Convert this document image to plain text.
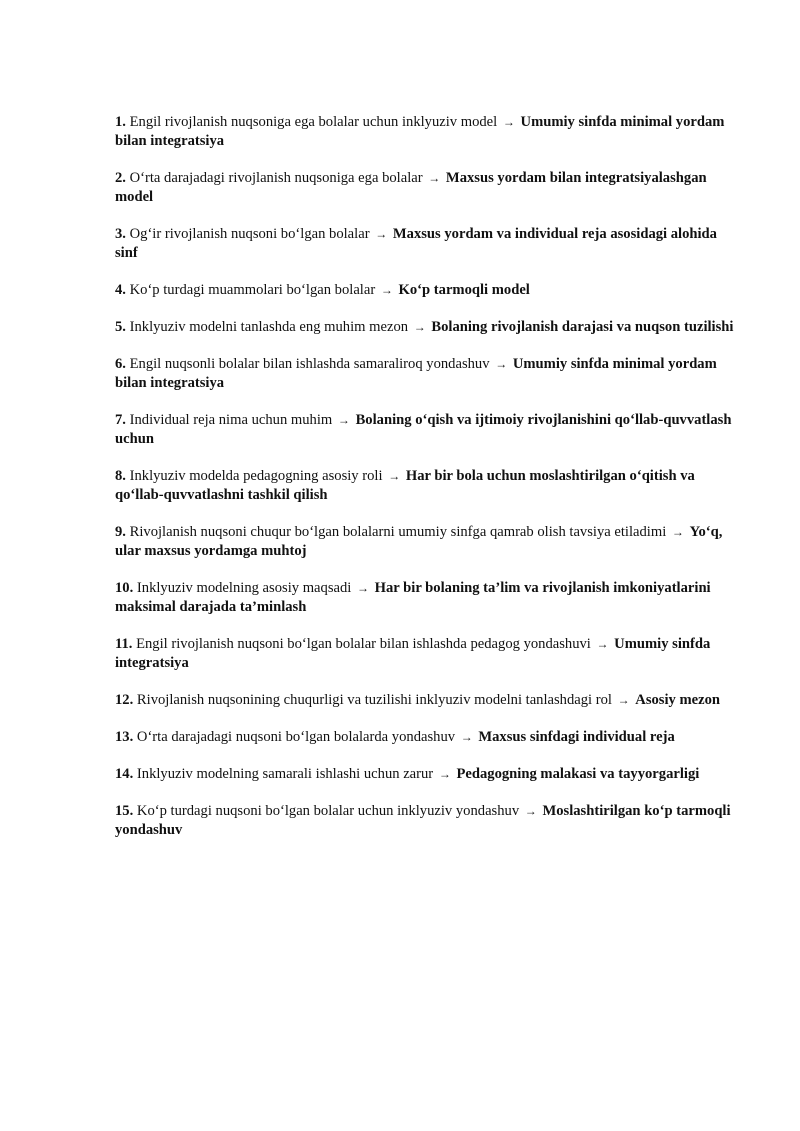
1. Engil rivojlanish nuqsoniga ega bolalar uchun inklyuziv model → Umumiy sinfda minimal yordam bilan integratsiya

2. O‘rta darajadagi rivojlanish nuqsoniga ega bolalar → Maxsus yordam bilan integratsiyalashgan model

3. Og‘ir rivojlanish nuqsoni bo‘lgan bolalar → Maxsus yordam va individual reja asosidagi alohida sinf

4. Ko‘p turdagi muammolari bo‘lgan bolalar → Ko‘p tarmoqli model

5. Inklyuziv modelni tanlashda eng muhim mezon → Bolaning rivojlanish darajasi va nuqson tuzilishi

6. Engil nuqsonli bolalar bilan ishlashda samaraliroq yondashuv → Umumiy sinfda minimal yordam bilan integratsiya

7. Individual reja nima uchun muhim → Bolaning o‘qish va ijtimoiy rivojlanishini qo‘llab-quvvatlash uchun

8. Inklyuziv modelda pedagogning asosiy roli → Har bir bola uchun moslashtirilgan o‘qitish va qo‘llab-quvvatlashni tashkil qilish

9. Rivojlanish nuqsoni chuqur bo‘lgan bolalarni umumiy sinfga qamrab olish tavsiya etiladimi → Yo‘q, ular maxsus yordamga muhtoj

10. Inklyuziv modelning asosiy maqsadi → Har bir bolaning ta’lim va rivojlanish imkoniyatlarini maksimal darajada ta’minlash

11. Engil rivojlanish nuqsoni bo‘lgan bolalar bilan ishlashda pedagog yondashuvi → Umumiy sinfda integratsiya

12. Rivojlanish nuqsonining chuqurligi va tuzilishi inklyuziv modelni tanlashdagi rol → Asosiy mezon

13. O‘rta darajadagi nuqsoni bo‘lgan bolalarda yondashuv → Maxsus sinfdagi individual reja

14. Inklyuziv modelning samarali ishlashi uchun zarur → Pedagogning malakasi va tayyorgarligi

15. Ko‘p turdagi nuqsoni bo‘lgan bolalar uchun inklyuziv yondashuv → Moslashtirilgan ko‘p tarmoqli yondashuv
